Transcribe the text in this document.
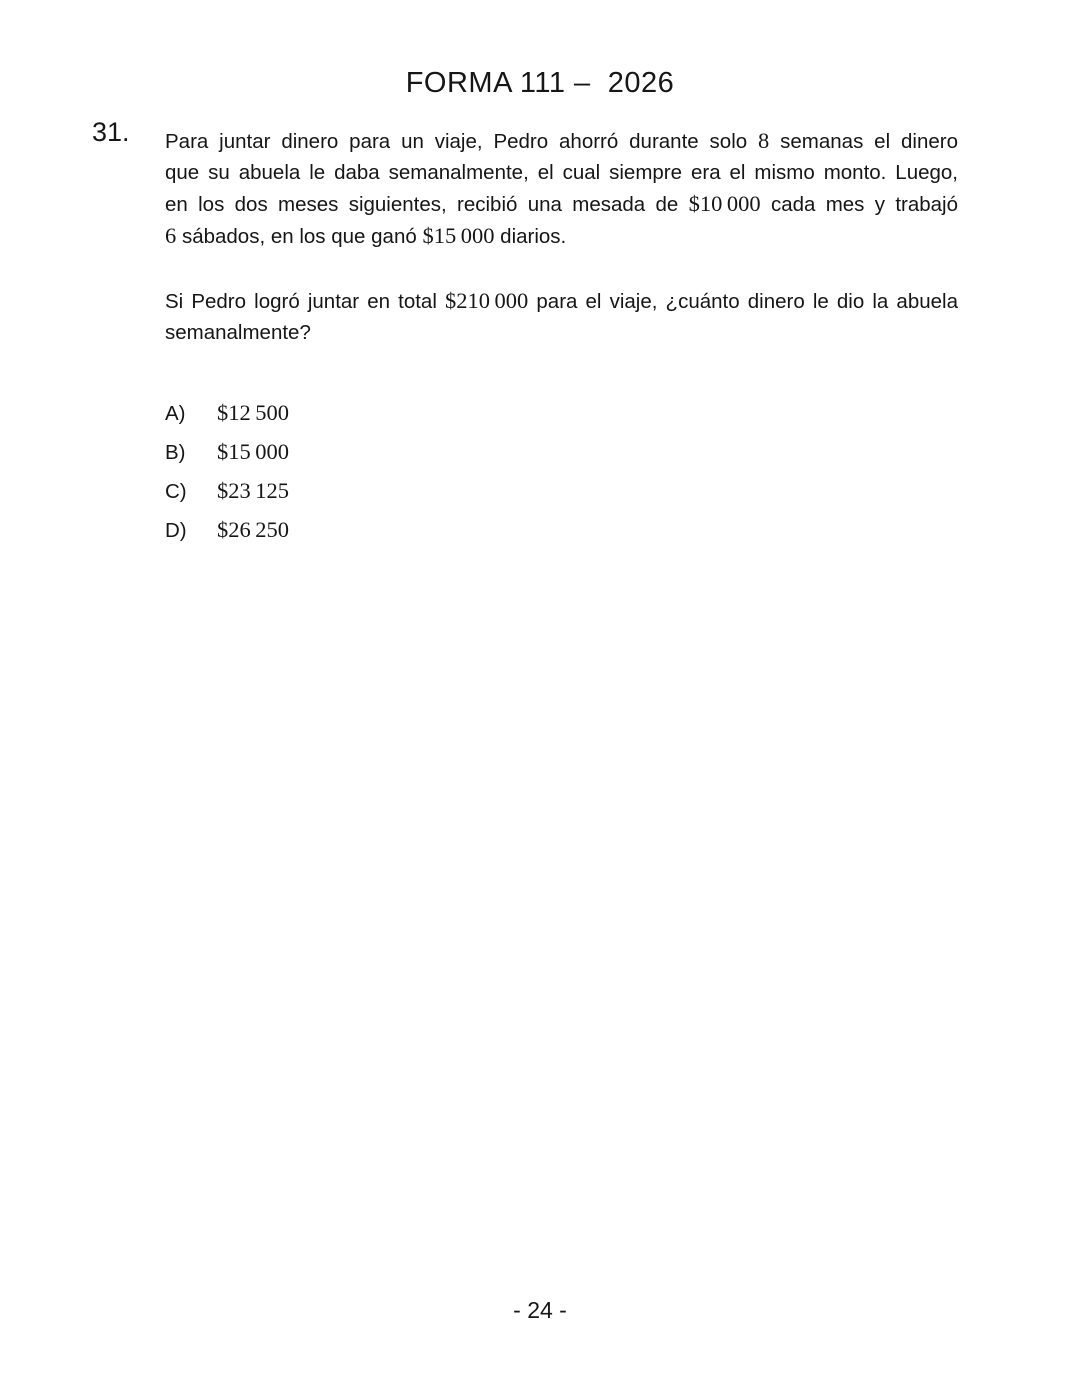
FORMA 111 –  2026
31. Para juntar dinero para un viaje, Pedro ahorró durante solo 8 semanas el dinero
que su abuela le daba semanalmente, el cual siempre era el mismo monto. Luego,
en los dos meses siguientes, recibió una mesada de $10 000 cada mes y trabajó
6 sábados, en los que ganó $15 000 diarios.
Si Pedro logró juntar en total $210 000 para el viaje, ¿cuánto dinero le dio la abuela
semanalmente?
A) $12 500
B) $15 000
C) $23 125
D) $26 250
- 24 -
